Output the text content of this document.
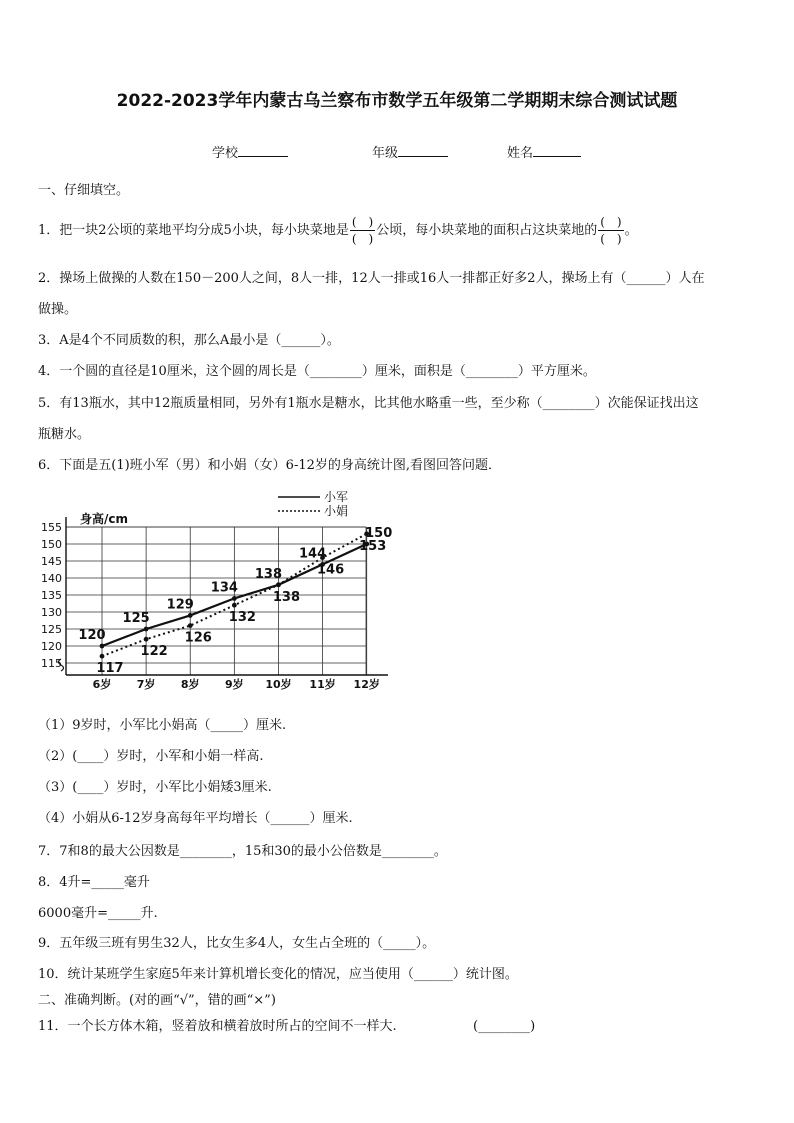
2022-2023学年内蒙古乌兰察布市数学五年级第二学期期末综合测试试题
学校	年级	姓名
一、仔细填空。
1．把一块2公顷的菜地平均分成5小块，每小块菜地是 $\frac{( )}{( )}$ 公顷，每小块菜地的面积占这块菜地的 $\frac{( )}{( )}$ 。
2．操场上做操的人数在150－200人之间，8人一排，12人一排或16人一排都正好多2人，操场上有（______）人在
做操。
3．A是4个不同质数的积，那么A最小是（______）。
4．一个圆的直径是10厘米，这个圆的周长是（________）厘米，面积是（________）平方厘米。
5．有13瓶水，其中12瓶质量相同，另外有1瓶水是糖水，比其他水略重一些，至少称（________）次能保证找出这
瓶糖水。
6．下面是五(1)班小军（男）和小娟（女）6-12岁的身高统计图,看图回答问题．
115
120
125
130
135
140
145
150
155
6岁 7岁 8岁 9岁 10岁 11岁 12岁
身高/cm
120
125
129
134
138
144
150
117
122
126
132
138
146
153
小军
小娟
（1）9岁时，小军比小娟高（_____）厘米.
（2）(____）岁时，小军和小娟一样高.
（3）(____）岁时，小军比小娟矮3厘米.
（4）小娟从6-12岁身高每年平均增长（______）厘米.
7．7和8的最大公因数是________，15和30的最小公倍数是________。
8．4升=_____毫升
6000毫升=_____升.
9．五年级三班有男生32人，比女生多4人，女生占全班的（_____）。
10．统计某班学生家庭5年来计算机增长变化的情况，应当使用（______）统计图。
二、准确判断。(对的画“√”，错的画“×”)
11．一个长方体木箱，竖着放和横着放时所占的空间不一样大.	(________)
